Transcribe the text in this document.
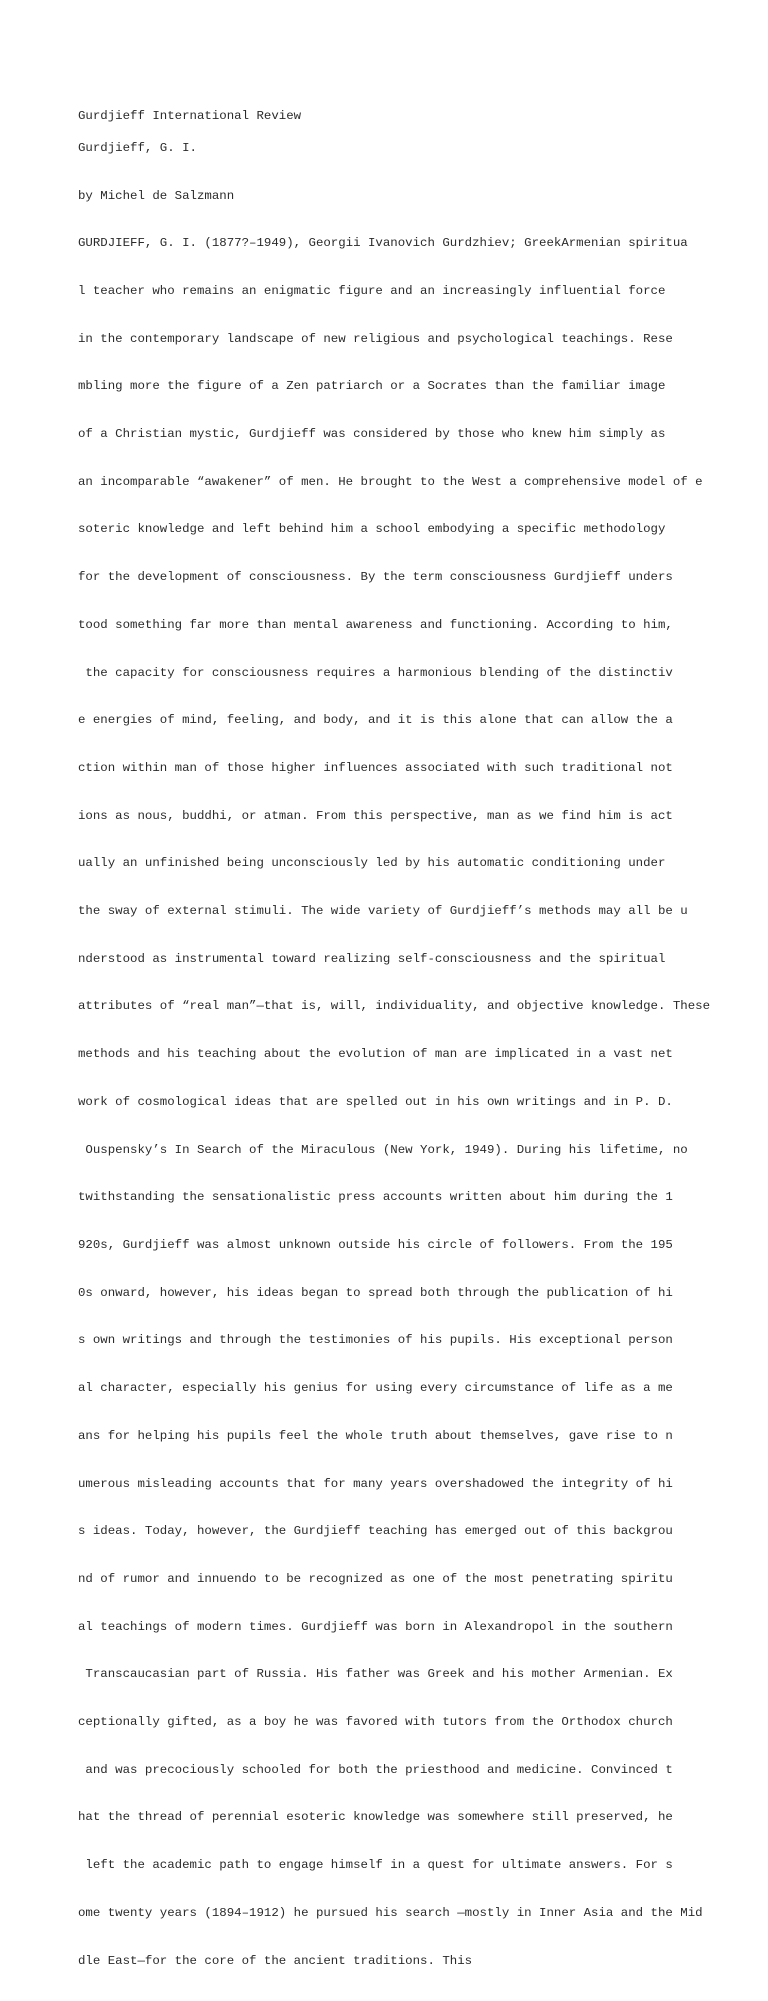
Gurdjieff International Review

Gurdjieff, G. I.

by Michel de Salzmann

GURDJIEFF, G. I. (1877?–1949), Georgii Ivanovich Gurdzhiev; GreekArmenian spiritua

l teacher who remains an enigmatic figure and an increasingly influential force

in the contemporary landscape of new religious and psychological teachings. Rese

mbling more the figure of a Zen patriarch or a Socrates than the familiar image

of a Christian mystic, Gurdjieff was considered by those who knew him simply as

an incomparable “awakener” of men. He brought to the West a comprehensive model of e

soteric knowledge and left behind him a school embodying a specific methodology

for the development of consciousness. By the term consciousness Gurdjieff unders

tood something far more than mental awareness and functioning. According to him,

the capacity for consciousness requires a harmonious blending of the distinctiv

e energies of mind, feeling, and body, and it is this alone that can allow the a

ction within man of those higher influences associated with such traditional not

ions as nous, buddhi, or atman. From this perspective, man as we find him is act

ually an unfinished being unconsciously led by his automatic conditioning under

the sway of external stimuli. The wide variety of Gurdjieff’s methods may all be u

nderstood as instrumental toward realizing self-consciousness and the spiritual

attributes of “real man”—that is, will, individuality, and objective knowledge. These

methods and his teaching about the evolution of man are implicated in a vast net

work of cosmological ideas that are spelled out in his own writings and in P. D.

Ouspensky’s In Search of the Miraculous (New York, 1949). During his lifetime, no

twithstanding the sensationalistic press accounts written about him during the 1

920s, Gurdjieff was almost unknown outside his circle of followers. From the 195

0s onward, however, his ideas began to spread both through the publication of hi

s own writings and through the testimonies of his pupils. His exceptional person

al character, especially his genius for using every circumstance of life as a me

ans for helping his pupils feel the whole truth about themselves, gave rise to n

umerous misleading accounts that for many years overshadowed the integrity of hi

s ideas. Today, however, the Gurdjieff teaching has emerged out of this backgrou

nd of rumor and innuendo to be recognized as one of the most penetrating spiritu

al teachings of modern times. Gurdjieff was born in Alexandropol in the southern

Transcaucasian part of Russia. His father was Greek and his mother Armenian. Ex

ceptionally gifted, as a boy he was favored with tutors from the Orthodox church

and was precociously schooled for both the priesthood and medicine. Convinced t

hat the thread of perennial esoteric knowledge was somewhere still preserved, he

left the academic path to engage himself in a quest for ultimate answers. For s

ome twenty years (1894–1912) he pursued his search —mostly in Inner Asia and the Mid

dle East—for the core of the ancient traditions. This
